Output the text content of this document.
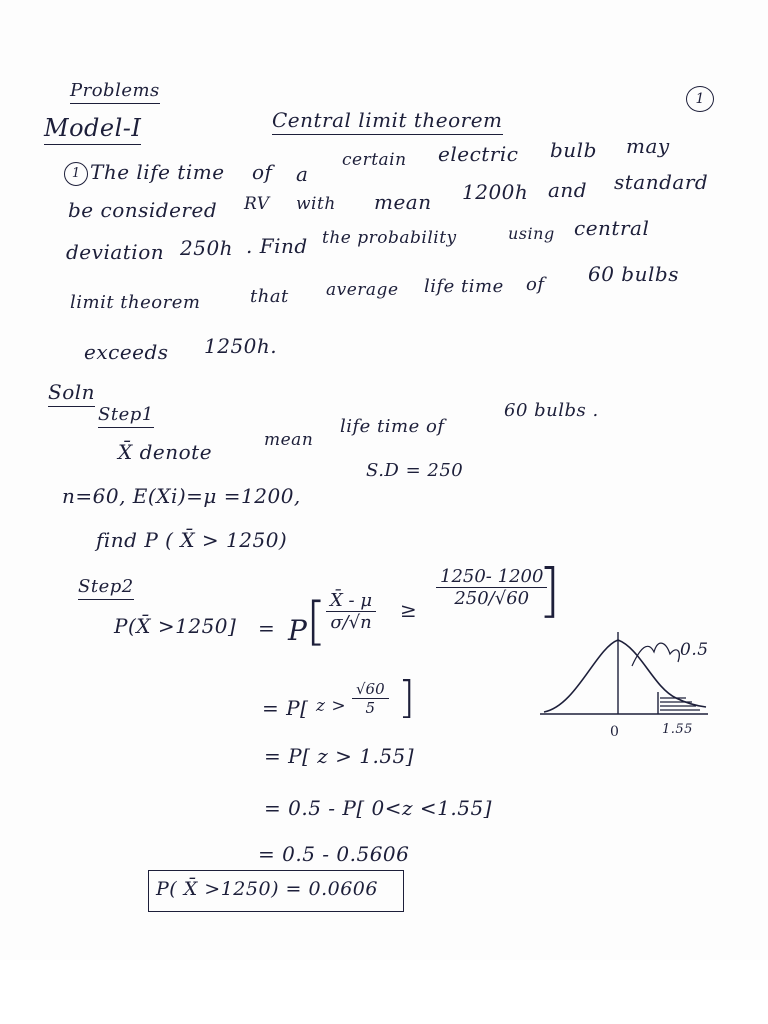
1
Problems
Model-I	Central limit theorem
1 The life time of a
certain electric bulb may
be considered RV with mean 1200h and standard
deviation 250h . Find the probability	using central
limit theorem	that average life time of 60 bulbs
exceeds 1250h.
Soln
Step1
X̄ denote	mean
life time of
60 bulbs .
n=60, E(Xi)=μ =1200,
S.D = 250
find P ( X̄ > 1250)
Step2
P(X̄ >1250] = P
[ $\frac{X̄ - \mu}{\sigma/√n}$ ≥
$\frac{1250- 1200}{250/√60}$
]
= P[ $z > \frac{√60}{5}$ ]
= P[ z > 1.55]
= 0.5 - P[ 0<z <1.55]
= 0.5 - 0.5606
P( X̄ >1250) = 0.0606
0.5
0	1.55
